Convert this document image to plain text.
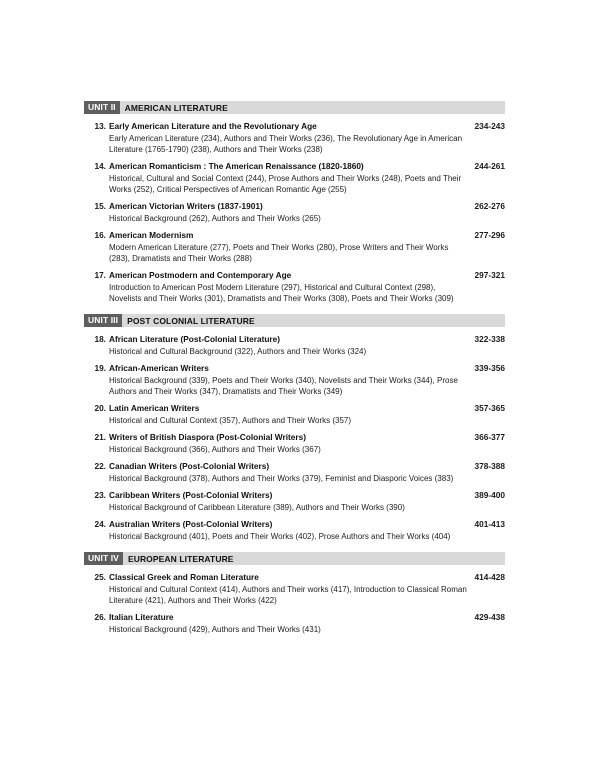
UNIT II	AMERICAN LITERATURE
13. Early American Literature and the Revolutionary Age	234-243
Early American Literature (234), Authors and Their Works (236), The Revolutionary Age in American Literature (1765-1790) (238), Authors and Their Works (238)
14. American Romanticism : The American Renaissance (1820-1860)	244-261
Historical, Cultural and Social Context (244), Prose Authors and Their Works (248), Poets and Their Works (252), Critical Perspectives of American Romantic Age (255)
15. American Victorian Writers (1837-1901)	262-276
Historical Background (262), Authors and Their Works (265)
16. American Modernism	277-296
Modern American Literature (277), Poets and Their Works (280), Prose Writers and Their Works (283), Dramatists and Their Works (288)
17. American Postmodern and Contemporary Age	297-321
Introduction to American Post Modern Literature (297), Historical and Cultural Context (298), Novelists and Their Works (301), Dramatists and Their Works (308), Poets and Their Works (309)
UNIT III	POST COLONIAL LITERATURE
18. African Literature (Post-Colonial Literature)	322-338
Historical and Cultural Background (322), Authors and Their Works (324)
19. African-American Writers	339-356
Historical Background (339), Poets and Their Works (340), Novelists and Their Works (344), Prose Authors and Their Works (347), Dramatists and Their Works (349)
20. Latin American Writers	357-365
Historical and Cultural Context (357), Authors and Their Works (357)
21. Writers of British Diaspora (Post-Colonial Writers)	366-377
Historical Background (366), Authors and Their Works (367)
22. Canadian Writers (Post-Colonial Writers)	378-388
Historical Background (378), Authors and Their Works (379), Feminist and Diasporic Voices (383)
23. Caribbean Writers (Post-Colonial Writers)	389-400
Historical Background of Caribbean Literature (389), Authors and Their Works (390)
24. Australian Writers (Post-Colonial Writers)	401-413
Historical Background (401), Poets and Their Works (402), Prose Authors and Their Works (404)
UNIT IV	EUROPEAN LITERATURE
25. Classical Greek and Roman Literature	414-428
Historical and Cultural Context (414), Authors and Their works (417), Introduction to Classical Roman Literature (421), Authors and Their Works (422)
26. Italian Literature	429-438
Historical Background (429), Authors and Their Works (431)
